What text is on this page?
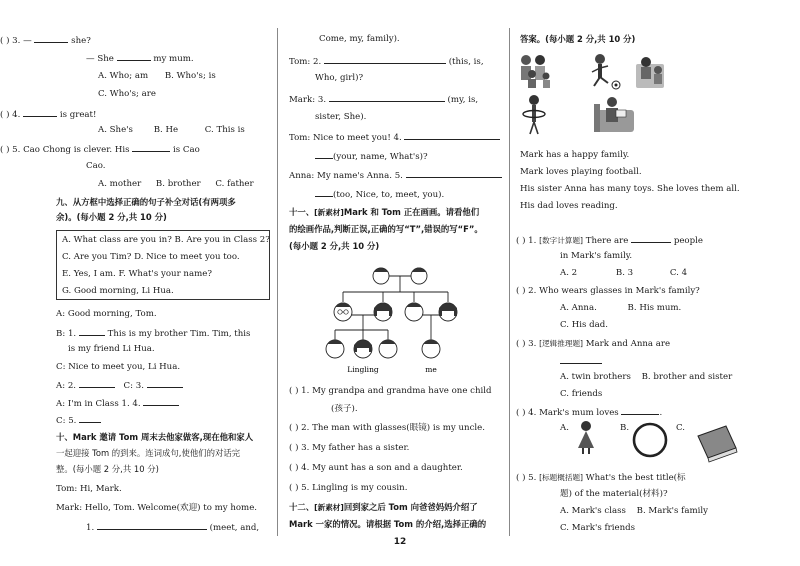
( ) 3. —	she?
— She	my mum.
A. Who; am B. Who's; is
C. Who's; are
( ) 4.	is great!
A. She's B. He	C. This is
( ) 5. Cao Chong is clever. His	is Cao
Cao.
A. mother B. brother C. father
九、从方框中选择正确的句子补全对话(有两项多
余)。(每小题 2 分,共 10 分)
A. What class are you in? B. Are you in Class 2?
C. Are you Tim? D. Nice to meet you too.
E. Yes, I am. F. What's your name?
G. Good morning, Li Hua.
A: Good morning, Tom.
B: 1.	This is my brother Tim. Tim, this
is my friend Li Hua.
C: Nice to meet you, Li Hua.
A: 2.	C: 3.
A: I'm in Class 1. 4.
C: 5.
十、Mark 邀请 Tom 周末去他家做客,现在他和家人
一起迎接 Tom 的到来。连词成句,使他们的对话完
整。(每小题 2 分,共 10 分)
Tom: Hi, Mark.
Mark: Hello, Tom. Welcome(欢迎) to my home.
1.	(meet, and,
Come, my, family).
Tom: 2.	(this, is,
Who, girl)?
Mark: 3.	(my, is,
sister, She).
Tom: Nice to meet you! 4.
(your, name, What's)?
Anna: My name's Anna. 5.
(too, Nice, to, meet, you).
十一、[新素材]Mark 和 Tom 正在画画。请看他们
的绘画作品,判断正误,正确的写“T”,错误的写“F”。
(每小题 2 分,共 10 分)
Lingling	me
( ) 1. My grandpa and grandma have one child
(孩子).
( ) 2. The man with glasses(眼镜) is my uncle.
( ) 3. My father has a sister.
( ) 4. My aunt has a son and a daughter.
( ) 5. Lingling is my cousin.
十二、[新素材]回到家之后 Tom 向爸爸妈妈介绍了
Mark 一家的情况。请根据 Tom 的介绍,选择正确的
答案。(每小题 2 分,共 10 分)
Mark has a happy family.
Mark loves playing football.
His sister Anna has many toys. She loves them all.
His dad loves reading.
( ) 1. [数字计算题] There are	people
in Mark's family.
A. 2	B. 3	C. 4
( ) 2. Who wears glasses in Mark's family?
A. Anna.	B. His mum.
C. His dad.
( ) 3. [逻辑推理题] Mark and Anna are
A. twin brothers B. brother and sister
C. friends
( ) 4. Mark's mum loves	.
A.	B.	C.
( ) 5. [标题概括题] What's the best title(标
题) of the material(材料)?
A. Mark's class B. Mark's family
C. Mark's friends
12
